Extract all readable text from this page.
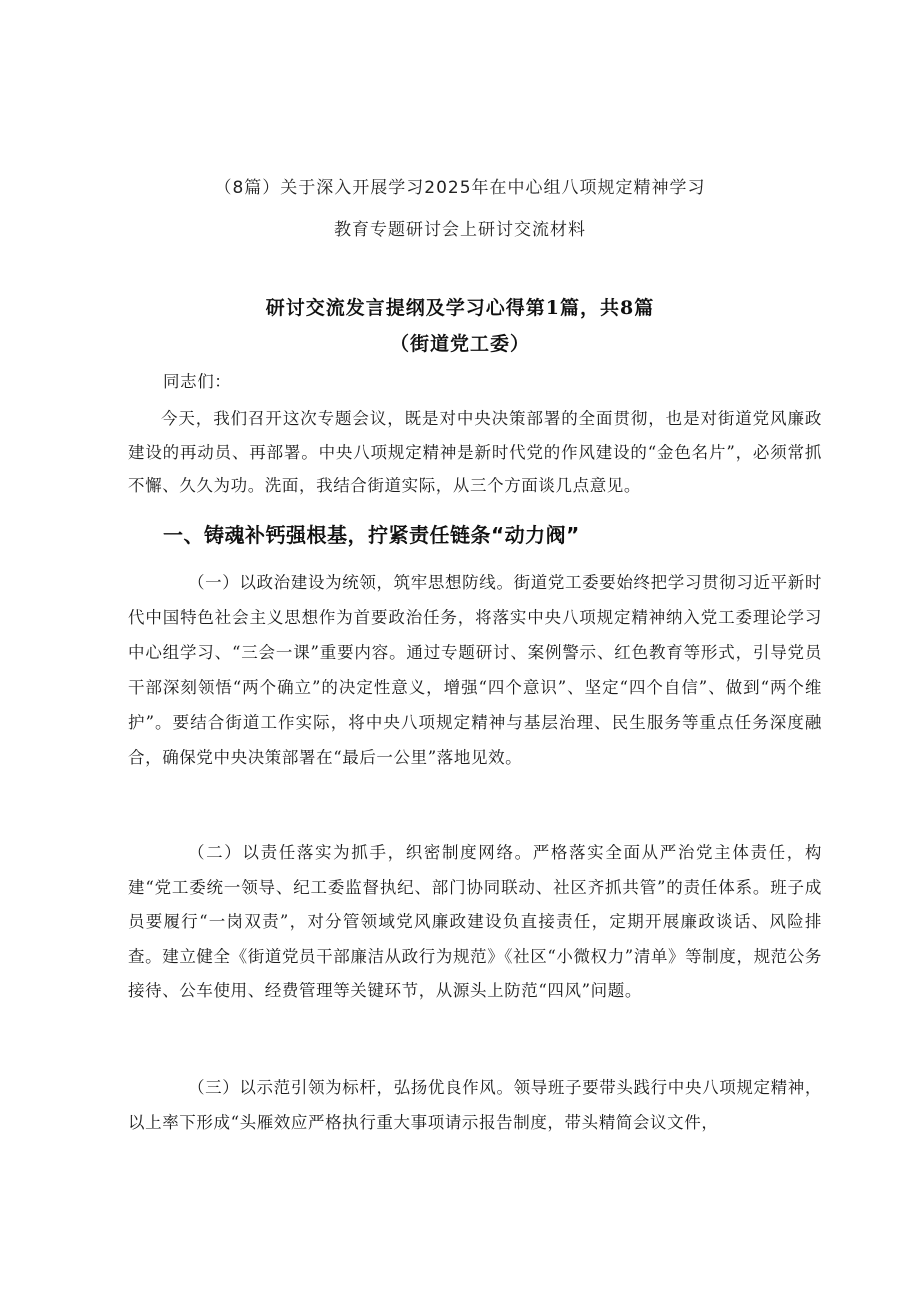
（8篇）关于深入开展学习2025年在中心组八项规定精神学习
教育专题研讨会上研讨交流材料
研讨交流发言提纲及学习心得第1篇，共8篇
（街道党工委）
同志们：

今天，我们召开这次专题会议，既是对中央决策部署的全面贯彻，也是对街道党风廉政建设的再动员、再部署。中央八项规定精神是新时代党的作风建设的“金色名片”，必须常抓不懈、久久为功。洗面，我结合街道实际，从三个方面谈几点意见。

一、铸魂补钙强根基，拧紧责任链条“动力阀”

（一）以政治建设为统领，筑牢思想防线。街道党工委要始终把学习贯彻习近平新时代中国特色社会主义思想作为首要政治任务，将落实中央八项规定精神纳入党工委理论学习中心组学习、“三会一课”重要内容。通过专题研讨、案例警示、红色教育等形式，引导党员干部深刻领悟“两个确立”的决定性意义，增强“四个意识”、坚定“四个自信”、做到“两个维护”。要结合街道工作实际，将中央八项规定精神与基层治理、民生服务等重点任务深度融合，确保党中央决策部署在“最后一公里”落地见效。

（二）以责任落实为抓手，织密制度网络。严格落实全面从严治党主体责任，构建“党工委统一领导、纪工委监督执纪、部门协同联动、社区齐抓共管”的责任体系。班子成员要履行“一岗双责”，对分管领域党风廉政建设负直接责任，定期开展廉政谈话、风险排查。建立健全《街道党员干部廉洁从政行为规范》《社区“小微权力”清单》等制度，规范公务接待、公车使用、经费管理等关键环节，从源头上防范“四风”问题。

（三）以示范引领为标杆，弘扬优良作风。领导班子要带头践行中央八项规定精神，以上率下形成“头雁效应严格执行重大事项请示报告制度，带头精简会议文件，
